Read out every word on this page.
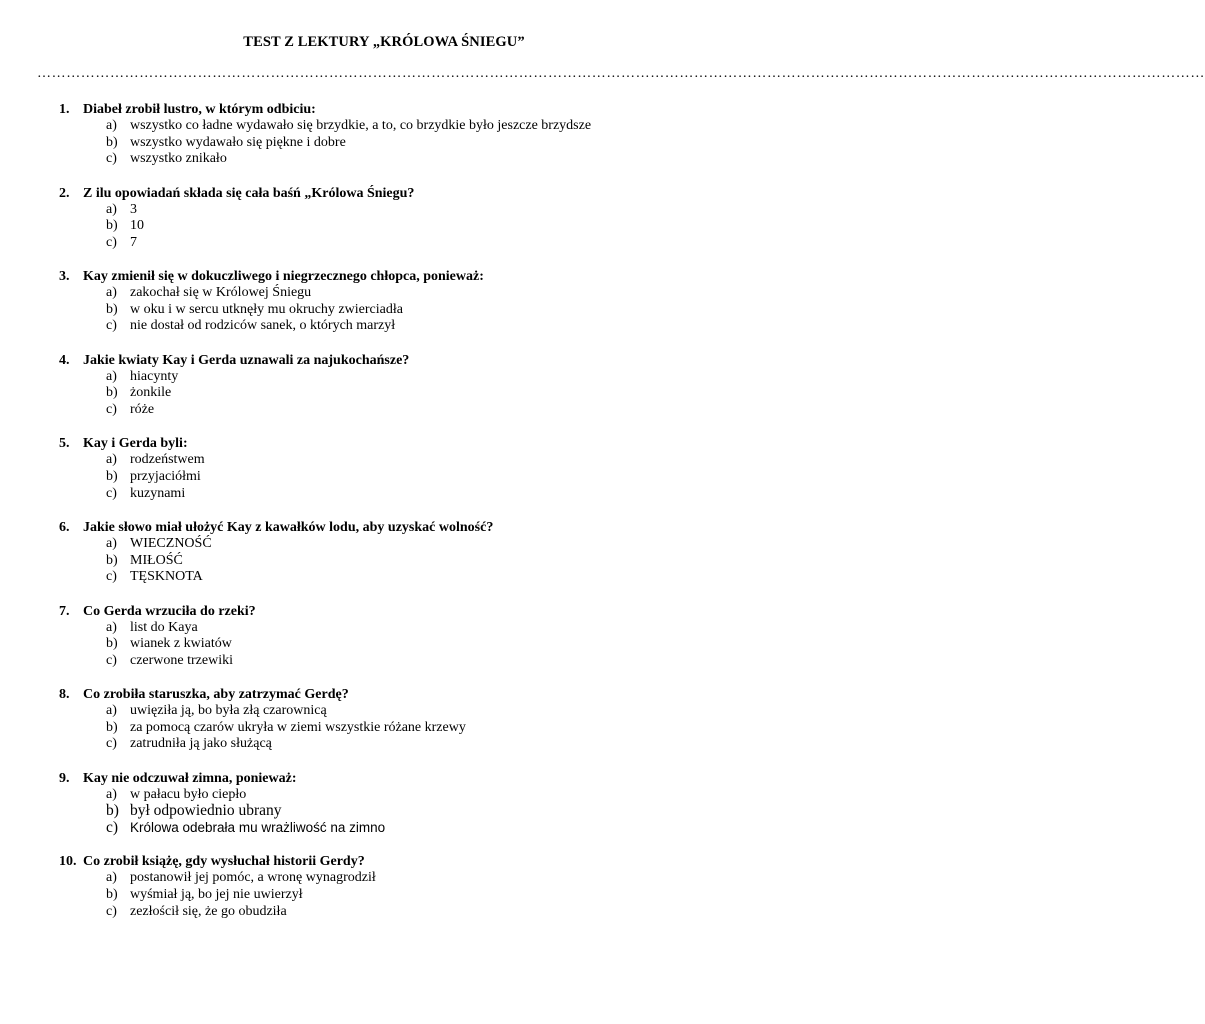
TEST Z LEKTURY „KRÓLOWA ŚNIEGU”
……………………………………………………………………………………………………………………………………………………………………………………………………………………
1. Diabeł zrobił lustro, w którym odbiciu:
a) wszystko co ładne wydawało się brzydkie, a to, co brzydkie było jeszcze brzydsze
b) wszystko wydawało się piękne i dobre
c) wszystko znikało
2. Z ilu opowiadań składa się cała baśń „Królowa Śniegu?
a) 3
b) 10
c) 7
3. Kay zmienił się w dokuczliwego i niegrzecznego chłopca, ponieważ:
a) zakochał się w Królowej Śniegu
b) w oku i w sercu utknęły mu okruchy zwierciadła
c) nie dostał od rodziców sanek, o których marzył
4. Jakie kwiaty Kay i Gerda uznawali za najukochańsze?
a) hiacynty
b) żonkile
c) róże
5. Kay i Gerda byli:
a) rodzeństwem
b) przyjaciółmi
c) kuzynami
6. Jakie słowo miał ułożyć Kay z kawałków lodu, aby uzyskać wolność?
a) WIECZNOŚĆ
b) MIŁOŚĆ
c) TĘSKNOTA
7. Co Gerda wrzuciła do rzeki?
a) list do Kaya
b) wianek z kwiatów
c) czerwone trzewiki
8. Co zrobiła staruszka, aby zatrzymać Gerdę?
a) uwięziła ją, bo była złą czarownicą
b) za pomocą czarów ukryła w ziemi wszystkie różane krzewy
c) zatrudniła ją jako służącą
9. Kay nie odczuwał zimna, ponieważ:
a) w pałacu było ciepło
b) był odpowiednio ubrany
c) Królowa odebrała mu wrażliwość na zimno
10. Co zrobił książę, gdy wysłuchał historii Gerdy?
a) postanowił jej pomóc, a wronę wynagrodził
b) wyśmiał ją, bo jej nie uwierzył
c) zezłościł się, że go obudziła
